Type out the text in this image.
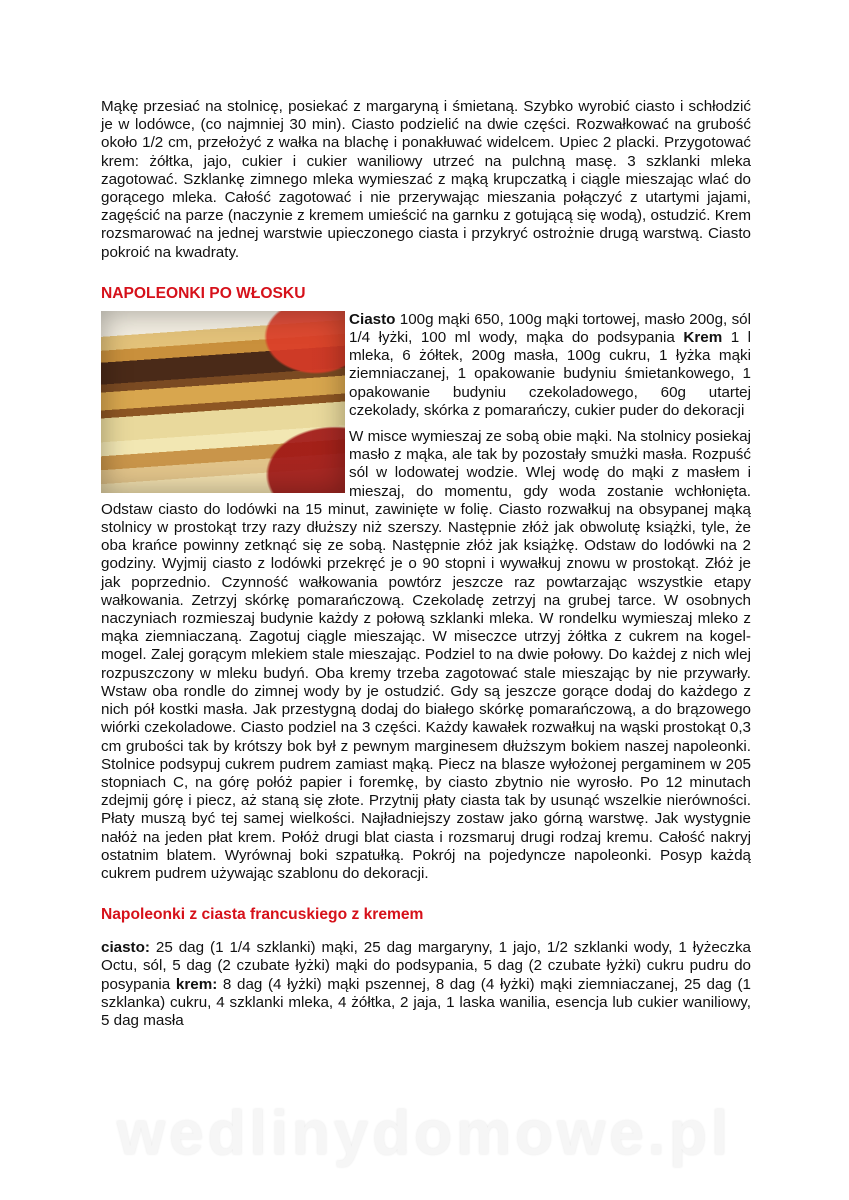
Mąkę przesiać na stolnicę, posiekać z margaryną i śmietaną. Szybko wyrobić ciasto i schłodzić je w lodówce, (co najmniej 30 min). Ciasto podzielić na dwie części. Rozwałkować na grubość około 1/2 cm, przełożyć z wałka na blachę i ponakłuwać widelcem. Upiec 2 placki. Przygotować krem: żółtka, jajo, cukier i cukier waniliowy utrzeć na pulchną masę. 3 szklanki mleka zagotować. Szklankę zimnego mleka wymieszać z mąką krupczatką i ciągle mieszając wlać do gorącego mleka. Całość zagotować i nie przerywając mieszania połączyć z utartymi jajami, zagęścić na parze (naczynie z kremem umieścić na garnku z gotującą się wodą), ostudzić. Krem rozsmarować na jednej warstwie upieczonego ciasta i przykryć ostrożnie drugą warstwą. Ciasto pokroić na kwadraty.

NAPOLEONKI PO WŁOSKU

Ciasto 100g mąki 650, 100g mąki tortowej, masło 200g, sól 1/4 łyżki, 100 ml wody, mąka do podsypania Krem 1 l mleka, 6 żółtek, 200g masła, 100g cukru, 1 łyżka mąki ziemniaczanej, 1 opakowanie budyniu śmietankowego, 1 opakowanie budyniu czekoladowego, 60g utartej czekolady, skórka z pomarańczy, cukier puder do dekoracji

W misce wymieszaj ze sobą obie mąki. Na stolnicy posiekaj masło z mąka, ale tak by pozostały smużki masła. Rozpuść sól w lodowatej wodzie. Wlej wodę do mąki z masłem i mieszaj, do momentu, gdy woda zostanie wchłonięta. Odstaw ciasto do lodówki na 15 minut, zawinięte w folię. Ciasto rozwałkuj na obsypanej mąką stolnicy w prostokąt trzy razy dłuższy niż szerszy. Następnie złóż jak obwolutę książki, tyle, że oba krańce powinny zetknąć się ze sobą. Następnie złóż jak książkę. Odstaw do lodówki na 2 godziny. Wyjmij ciasto z lodówki przekręć je o 90 stopni i wywałkuj znowu w prostokąt. Złóż je jak poprzednio. Czynność wałkowania powtórz jeszcze raz powtarzając wszystkie etapy wałkowania. Zetrzyj skórkę pomarańczową. Czekoladę zetrzyj na grubej tarce. W osobnych naczyniach rozmieszaj budynie każdy z połową szklanki mleka. W rondelku wymieszaj mleko z mąka ziemniaczaną. Zagotuj ciągle mieszając. W miseczce utrzyj żółtka z cukrem na kogel-mogel. Zalej gorącym mlekiem stale mieszając. Podziel to na dwie połowy. Do każdej z nich wlej rozpuszczony w mleku budyń. Oba kremy trzeba zagotować stale mieszając by nie przywarły. Wstaw oba rondle do zimnej wody by je ostudzić. Gdy są jeszcze gorące dodaj do każdego z nich pół kostki masła. Jak przestygną dodaj do białego skórkę pomarańczową, a do brązowego wiórki czekoladowe. Ciasto podziel na 3 części. Każdy kawałek rozwałkuj na wąski prostokąt 0,3 cm grubości tak by krótszy bok był z pewnym marginesem dłuższym bokiem naszej napoleonki. Stolnice podsypuj cukrem pudrem zamiast mąką. Piecz na blasze wyłożonej pergaminem w 205 stopniach C, na górę połóż papier i foremkę, by ciasto zbytnio nie wyrosło. Po 12 minutach zdejmij górę i piecz, aż staną się złote. Przytnij płaty ciasta tak by usunąć wszelkie nierówności. Płaty muszą być tej samej wielkości. Najładniejszy zostaw jako górną warstwę. Jak wystygnie nałóż na jeden płat krem. Połóż drugi blat ciasta i rozsmaruj drugi rodzaj kremu. Całość nakryj ostatnim blatem. Wyrównaj boki szpatułką. Pokrój na pojedyncze napoleonki. Posyp każdą cukrem pudrem używając szablonu do dekoracji.

Napoleonki z ciasta francuskiego z kremem

ciasto: 25 dag (1 1/4 szklanki) mąki, 25 dag margaryny, 1 jajo, 1/2 szklanki wody, 1 łyżeczka Octu, sól, 5 dag (2 czubate łyżki) mąki do podsypania, 5 dag (2 czubate łyżki) cukru pudru do posypania krem: 8 dag (4 łyżki) mąki pszennej, 8 dag (4 łyżki) mąki ziemniaczanej, 25 dag (1 szklanka) cukru, 4 szklanki mleka, 4 żółtka, 2 jaja, 1 laska wanilia, esencja lub cukier waniliowy, 5 dag masła

wedlinydomowe.pl
